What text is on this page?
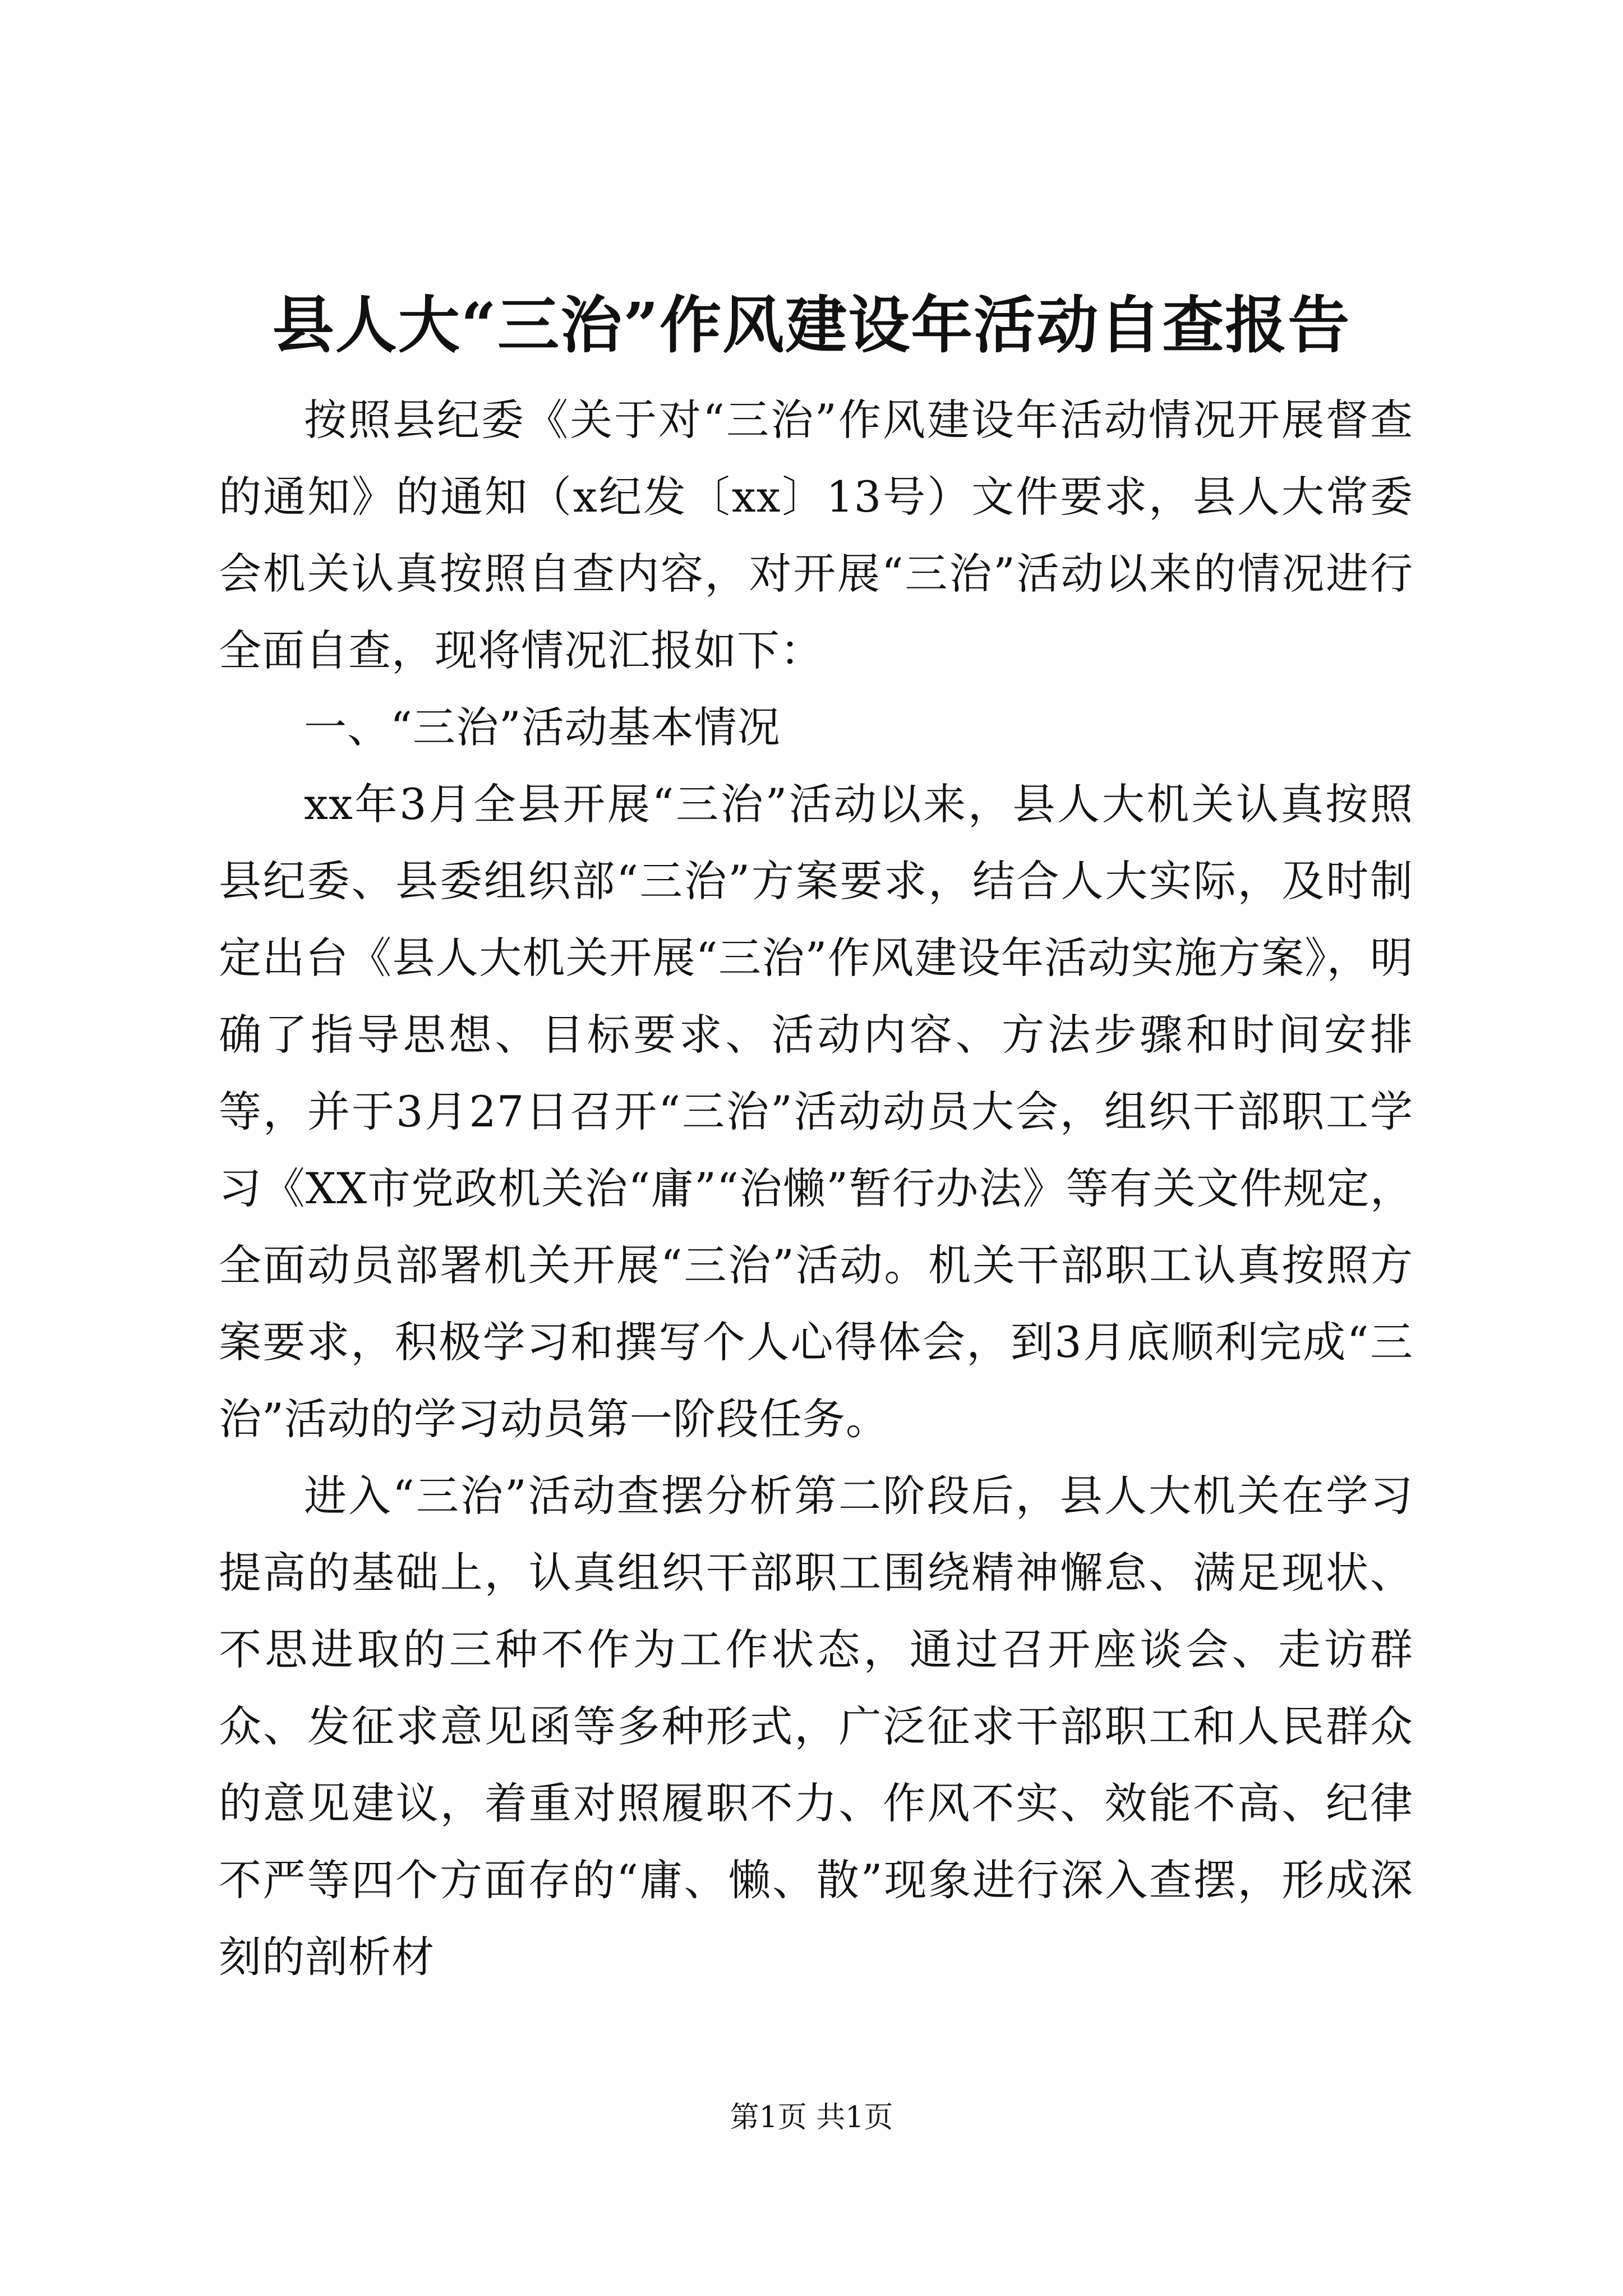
县人大“三治”作风建设年活动自查报告

按照县纪委《关于对“三治”作风建设年活动情况开展督查的通知》的通知（x纪发〔xx〕13号）文件要求，县人大常委会机关认真按照自查内容，对开展“三治”活动以来的情况进行全面自查，现将情况汇报如下：

一、“三治”活动基本情况

xx年3月全县开展“三治”活动以来，县人大机关认真按照县纪委、县委组织部“三治”方案要求，结合人大实际，及时制定出台《县人大机关开展“三治”作风建设年活动实施方案》，明确了指导思想、目标要求、活动内容、方法步骤和时间安排等，并于3月27日召开“三治”活动动员大会，组织干部职工学习《XX市党政机关治“庸”“治懒”暂行办法》等有关文件规定，全面动员部署机关开展“三治”活动。机关干部职工认真按照方案要求，积极学习和撰写个人心得体会，到3月底顺利完成“三治”活动的学习动员第一阶段任务。

进入“三治”活动查摆分析第二阶段后，县人大机关在学习提高的基础上，认真组织干部职工围绕精神懈怠、满足现状、不思进取的三种不作为工作状态，通过召开座谈会、走访群众、发征求意见函等多种形式，广泛征求干部职工和人民群众的意见建议，着重对照履职不力、作风不实、效能不高、纪律不严等四个方面存的“庸、懒、散”现象进行深入查摆，形成深刻的剖析材

第1页 共1页
